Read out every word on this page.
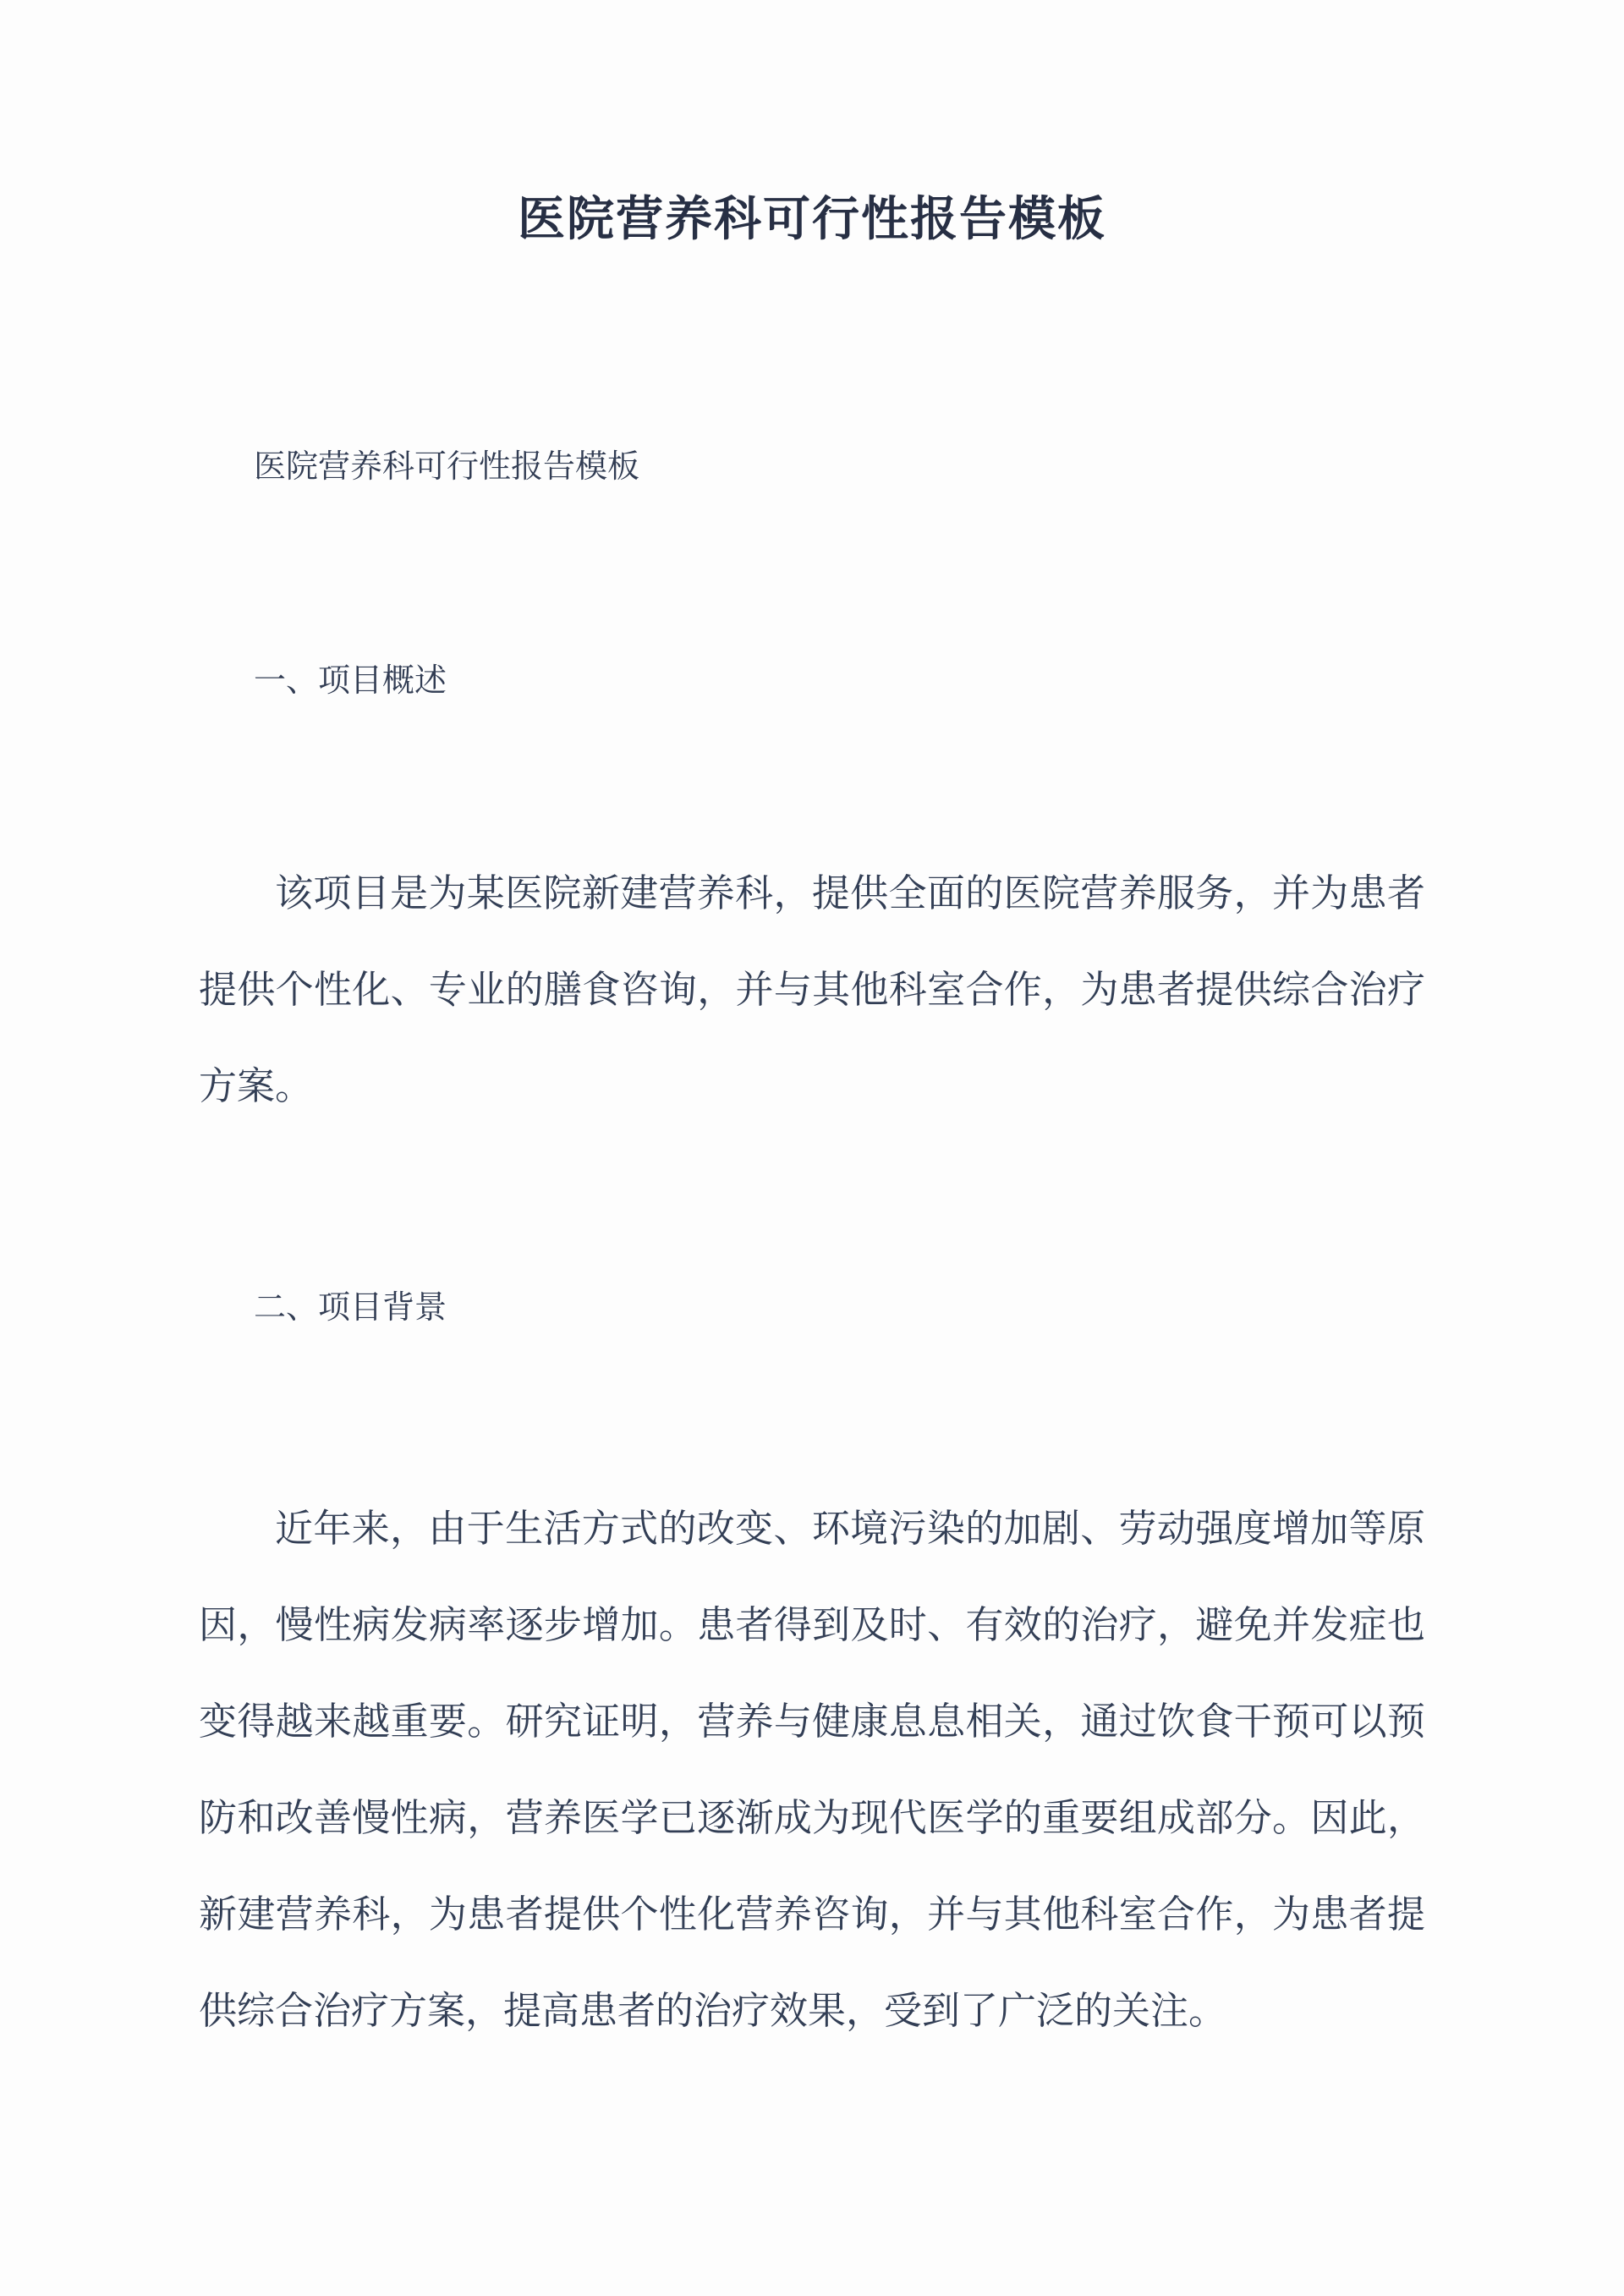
医院营养科可行性报告模板

医院营养科可行性报告模板

一、项目概述

该项目是为某医院新建营养科，提供全面的医院营养服务，并为患者提供个性化、专业的膳食咨询，并与其他科室合作，为患者提供综合治疗方案。

二、项目背景

近年来，由于生活方式的改变、环境污染的加剧、劳动强度增加等原因，慢性病发病率逐步增加。患者得到及时、有效的治疗，避免并发症也变得越来越重要。研究证明，营养与健康息息相关，通过饮食干预可以预防和改善慢性病，营养医学已逐渐成为现代医学的重要组成部分。因此，新建营养科，为患者提供个性化营养咨询，并与其他科室合作，为患者提供综合治疗方案，提高患者的治疗效果，受到了广泛的关注。
